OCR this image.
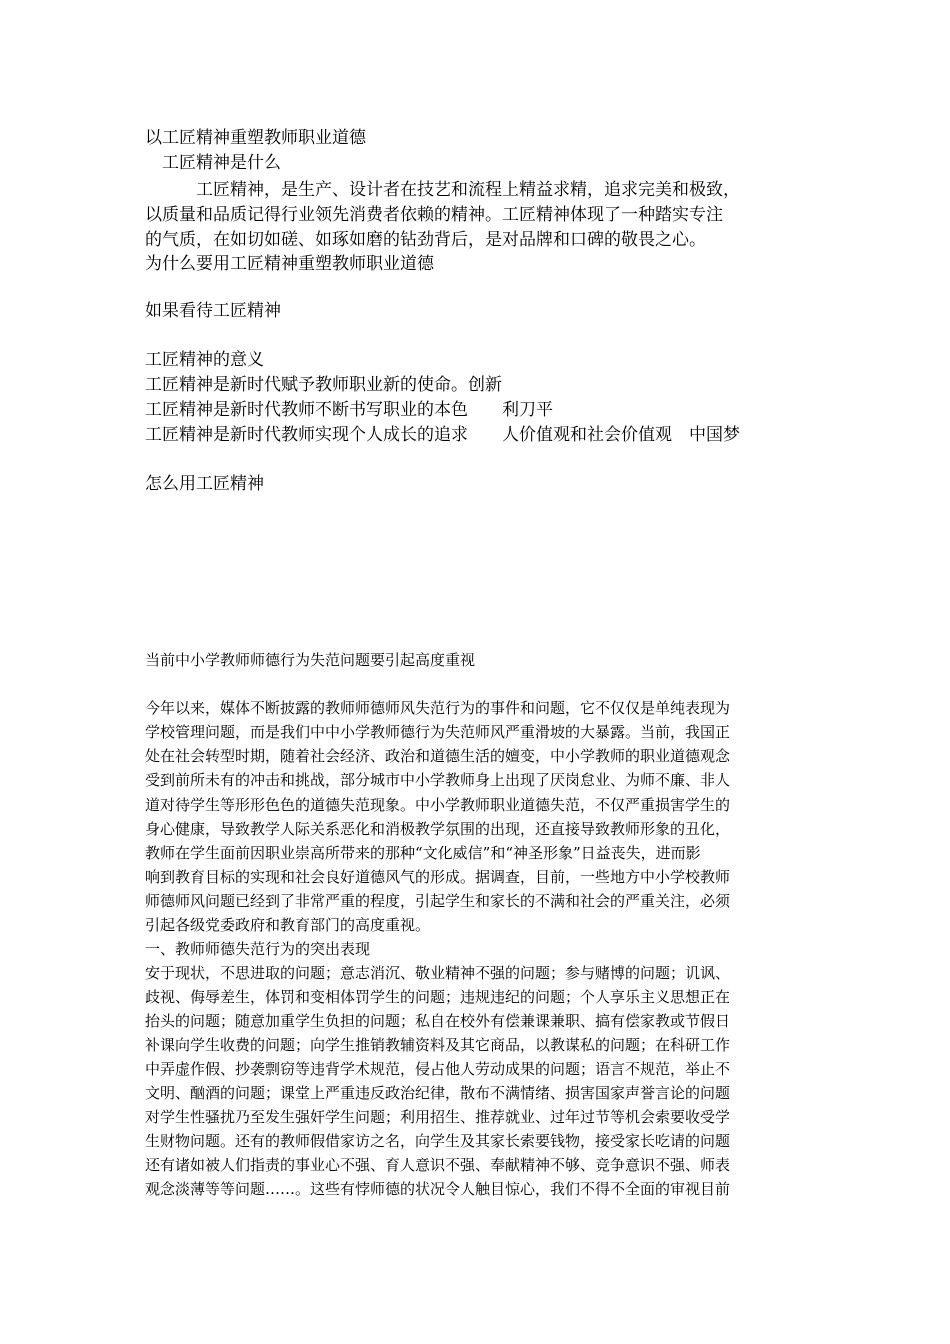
以工匠精神重塑教师职业道德
　工匠精神是什么
　　　工匠精神，是生产、设计者在技艺和流程上精益求精，追求完美和极致，
以质量和品质记得行业领先消费者依赖的精神。工匠精神体现了一种踏实专注
的气质，在如切如磋、如琢如磨的钻劲背后，是对品牌和口碑的敬畏之心。
为什么要用工匠精神重塑教师职业道德
如果看待工匠精神
工匠精神的意义
工匠精神是新时代赋予教师职业新的使命。创新
工匠精神是新时代教师不断书写职业的本色　　利刀平
工匠精神是新时代教师实现个人成长的追求　　人价值观和社会价值观　中国梦
怎么用工匠精神
当前中小学教师师德行为失范问题要引起高度重视
今年以来，媒体不断披露的教师师德师风失范行为的事件和问题，它不仅仅是单纯表现为
学校管理问题，而是我们中中小学教师德行为失范师风严重滑坡的大暴露。当前，我国正
处在社会转型时期，随着社会经济、政治和道德生活的嬗变，中小学教师的职业道德观念
受到前所未有的冲击和挑战，部分城市中小学教师身上出现了厌岗怠业、为师不廉、非人
道对待学生等形形色色的道德失范现象。中小学教师职业道德失范，不仅严重损害学生的
身心健康，导致教学人际关系恶化和消极教学氛围的出现，还直接导致教师形象的丑化，
教师在学生面前因职业崇高所带来的那种“文化威信”和“神圣形象”日益丧失，进而影
响到教育目标的实现和社会良好道德风气的形成。据调查，目前，一些地方中小学校教师
师德师风问题已经到了非常严重的程度，引起学生和家长的不满和社会的严重关注，必须
引起各级党委政府和教育部门的高度重视。
一、教师师德失范行为的突出表现
安于现状，不思进取的问题；意志消沉、敬业精神不强的问题；参与赌博的问题；讥讽、
歧视、侮辱差生，体罚和变相体罚学生的问题；违规违纪的问题；个人享乐主义思想正在
抬头的问题；随意加重学生负担的问题；私自在校外有偿兼课兼职、搞有偿家教或节假日
补课向学生收费的问题；向学生推销教辅资料及其它商品，以教谋私的问题；在科研工作
中弄虚作假、抄袭剽窃等违背学术规范，侵占他人劳动成果的问题；语言不规范，举止不
文明、酗酒的问题；课堂上严重违反政治纪律，散布不满情绪、损害国家声誉言论的问题
对学生性骚扰乃至发生强奸学生问题；利用招生、推荐就业、过年过节等机会索要收受学
生财物问题。还有的教师假借家访之名，向学生及其家长索要钱物，接受家长吃请的问题
还有诸如被人们指责的事业心不强、育人意识不强、奉献精神不够、竞争意识不强、师表
观念淡薄等等问题……。这些有悖师德的状况令人触目惊心，我们不得不全面的审视目前
